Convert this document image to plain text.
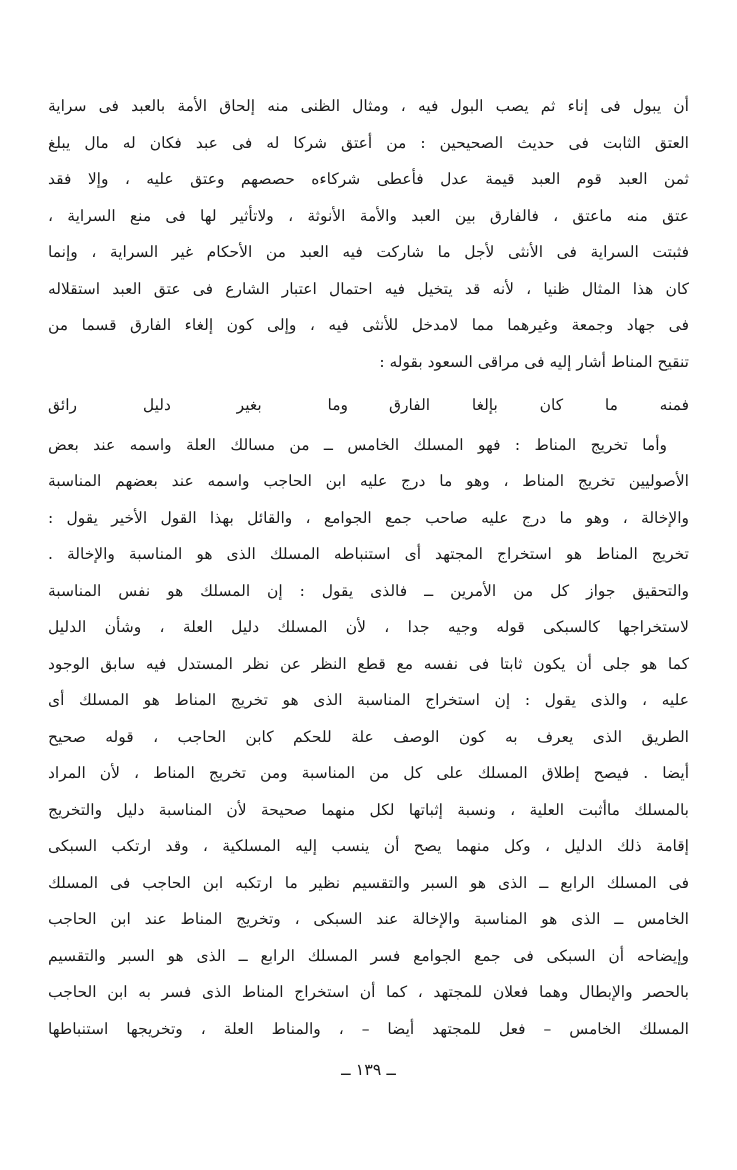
أن يبول فى إناء ثم يصب البول فيه ، ومثال الظنى منه إلحاق الأمة بالعبد فى سراية

العتق الثابت فى حديث الصحيحين : من أعتق شركا له فى عبد فكان له مال يبلغ

ثمن العبد قوم العبد قيمة عدل فأعطى شركاءه حصصهم وعتق عليه ، وإلا فقد

عتق منه ماعتق ، فالفارق بين العبد والأمة الأنوثة ، ولاتأثير لها فى منع السراية ،

فثبتت السراية فى الأنثى لأجل ما شاركت فيه العبد من الأحكام غير السراية ، وإنما

كان هذا المثال ظنيا ، لأنه قد يتخيل فيه احتمال اعتبار الشارع فى عتق العبد استقلاله

فى جهاد وجمعة وغيرهما مما لامدخل للأنثى فيه ، وإلى كون إلغاء الفارق قسما من

تنقيح المناط أشار إليه فى مراقى السعود بقوله :

فمنه ما كان بإلغا الفارق
وما بغير دليل رائق

وأما تخريج المناط : فهو المسلك الخامس ــ من مسالك العلة واسمه عند بعض

الأصوليين تخريج المناط ، وهو ما درج عليه ابن الحاجب واسمه عند بعضهم المناسبة

والإخالة ، وهو ما درج عليه صاحب جمع الجوامع ، والقائل بهذا القول الأخير يقول :

تخريج المناط هو استخراج المجتهد أى استنباطه المسلك الذى هو المناسبة والإخالة .

والتحقيق جواز كل من الأمرين ــ فالذى يقول : إن المسلك هو نفس المناسبة

لاستخراجها كالسبكى قوله وجيه جدا ، لأن المسلك دليل العلة ، وشأن الدليل

كما هو جلى أن يكون ثابتا فى نفسه مع قطع النظر عن نظر المستدل فيه سابق الوجود

عليه ، والذى يقول : إن استخراج المناسبة الذى هو تخريج المناط هو المسلك أى

الطريق الذى يعرف به كون الوصف علة للحكم كابن الحاجب ، قوله صحيح

أيضا . فيصح إطلاق المسلك على كل من المناسبة ومن تخريج المناط ، لأن المراد

بالمسلك ماأثبت العلية ، ونسبة إثباتها لكل منهما صحيحة لأن المناسبة دليل والتخريج

إقامة ذلك الدليل ، وكل منهما يصح أن ينسب إليه المسلكية ، وقد ارتكب السبكى

فى المسلك الرابع ــ الذى هو السبر والتقسيم نظير ما ارتكبه ابن الحاجب فى المسلك

الخامس ــ الذى هو المناسبة والإخالة عند السبكى ، وتخريج المناط عند ابن الحاجب

وإيضاحه أن السبكى فى جمع الجوامع فسر المسلك الرابع ــ الذى هو السبر والتقسيم

بالحصر والإبطال وهما فعلان للمجتهد ، كما أن استخراج المناط الذى فسر به ابن الحاجب

المسلك الخامس – فعل للمجتهد أيضا – ، والمناط العلة ، وتخريجها استنباطها

ــ ١٣٩ ــ
